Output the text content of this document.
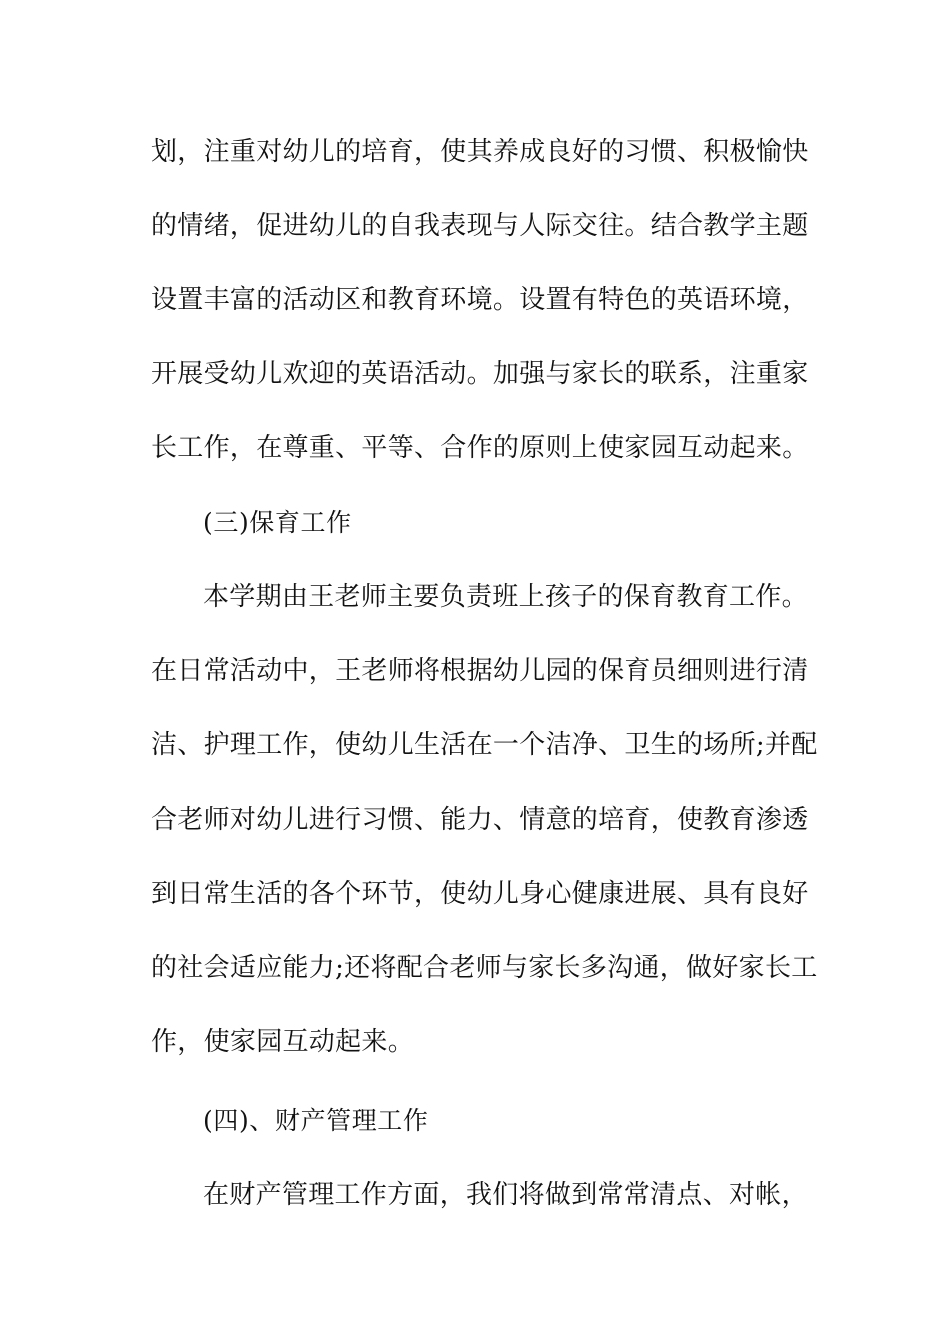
划，注重对幼儿的培育，使其养成良好的习惯、积极愉快
的情绪，促进幼儿的自我表现与人际交往。结合教学主题
设置丰富的活动区和教育环境。设置有特色的英语环境，
开展受幼儿欢迎的英语活动。加强与家长的联系，注重家
长工作，在尊重、平等、合作的原则上使家园互动起来。
(三)保育工作
本学期由王老师主要负责班上孩子的保育教育工作。
在日常活动中，王老师将根据幼儿园的保育员细则进行清
洁、护理工作，使幼儿生活在一个洁净、卫生的场所;并配
合老师对幼儿进行习惯、能力、情意的培育，使教育渗透
到日常生活的各个环节，使幼儿身心健康进展、具有良好
的社会适应能力;还将配合老师与家长多沟通，做好家长工
作，使家园互动起来。
(四)、财产管理工作
在财产管理工作方面，我们将做到常常清点、对帐，
